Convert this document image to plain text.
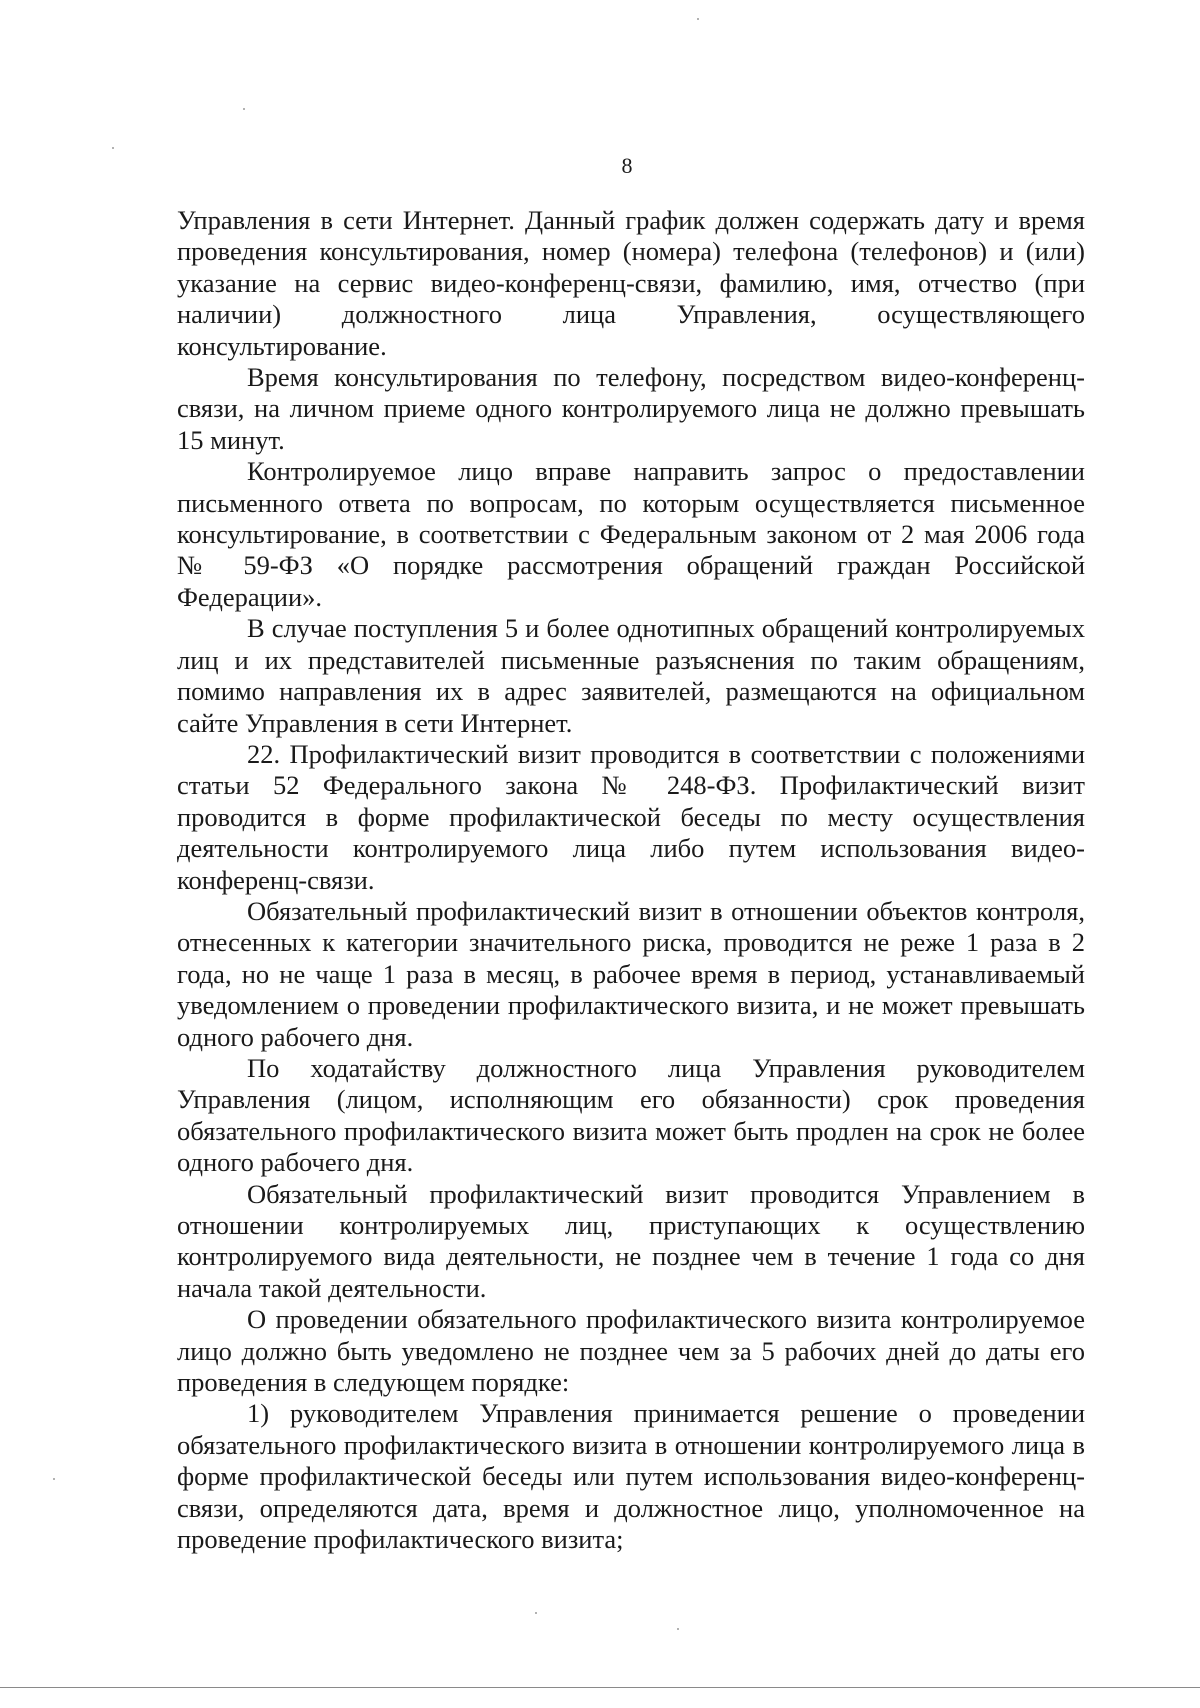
8

Управления в сети Интернет. Данный график должен содержать дату и время проведения консультирования, номер (номера) телефона (телефонов) и (или) указание на сервис видео-конференц-связи, фамилию, имя, отчество (при наличии) должностного лица Управления, осуществляющего консультирование.

Время консультирования по телефону, посредством видео-конференц-связи, на личном приеме одного контролируемого лица не должно превышать 15 минут.

Контролируемое лицо вправе направить запрос о предоставлении письменного ответа по вопросам, по которым осуществляется письменное консультирование, в соответствии с Федеральным законом от 2 мая 2006 года № 59-ФЗ «О порядке рассмотрения обращений граждан Российской Федерации».

В случае поступления 5 и более однотипных обращений контролируемых лиц и их представителей письменные разъяснения по таким обращениям, помимо направления их в адрес заявителей, размещаются на официальном сайте Управления в сети Интернет.

22. Профилактический визит проводится в соответствии с положениями статьи 52 Федерального закона № 248-ФЗ. Профилактический визит проводится в форме профилактической беседы по месту осуществления деятельности контролируемого лица либо путем использования видео-конференц-связи.

Обязательный профилактический визит в отношении объектов контроля, отнесенных к категории значительного риска, проводится не реже 1 раза в 2 года, но не чаще 1 раза в месяц, в рабочее время в период, устанавливаемый уведомлением о проведении профилактического визита, и не может превышать одного рабочего дня.

По ходатайству должностного лица Управления руководителем Управления (лицом, исполняющим его обязанности) срок проведения обязательного профилактического визита может быть продлен на срок не более одного рабочего дня.

Обязательный профилактический визит проводится Управлением в отношении контролируемых лиц, приступающих к осуществлению контролируемого вида деятельности, не позднее чем в течение 1 года со дня начала такой деятельности.

О проведении обязательного профилактического визита контролируемое лицо должно быть уведомлено не позднее чем за 5 рабочих дней до даты его проведения в следующем порядке:

1) руководителем Управления принимается решение о проведении обязательного профилактического визита в отношении контролируемого лица в форме профилактической беседы или путем использования видео-конференц-связи, определяются дата, время и должностное лицо, уполномоченное на проведение профилактического визита;
